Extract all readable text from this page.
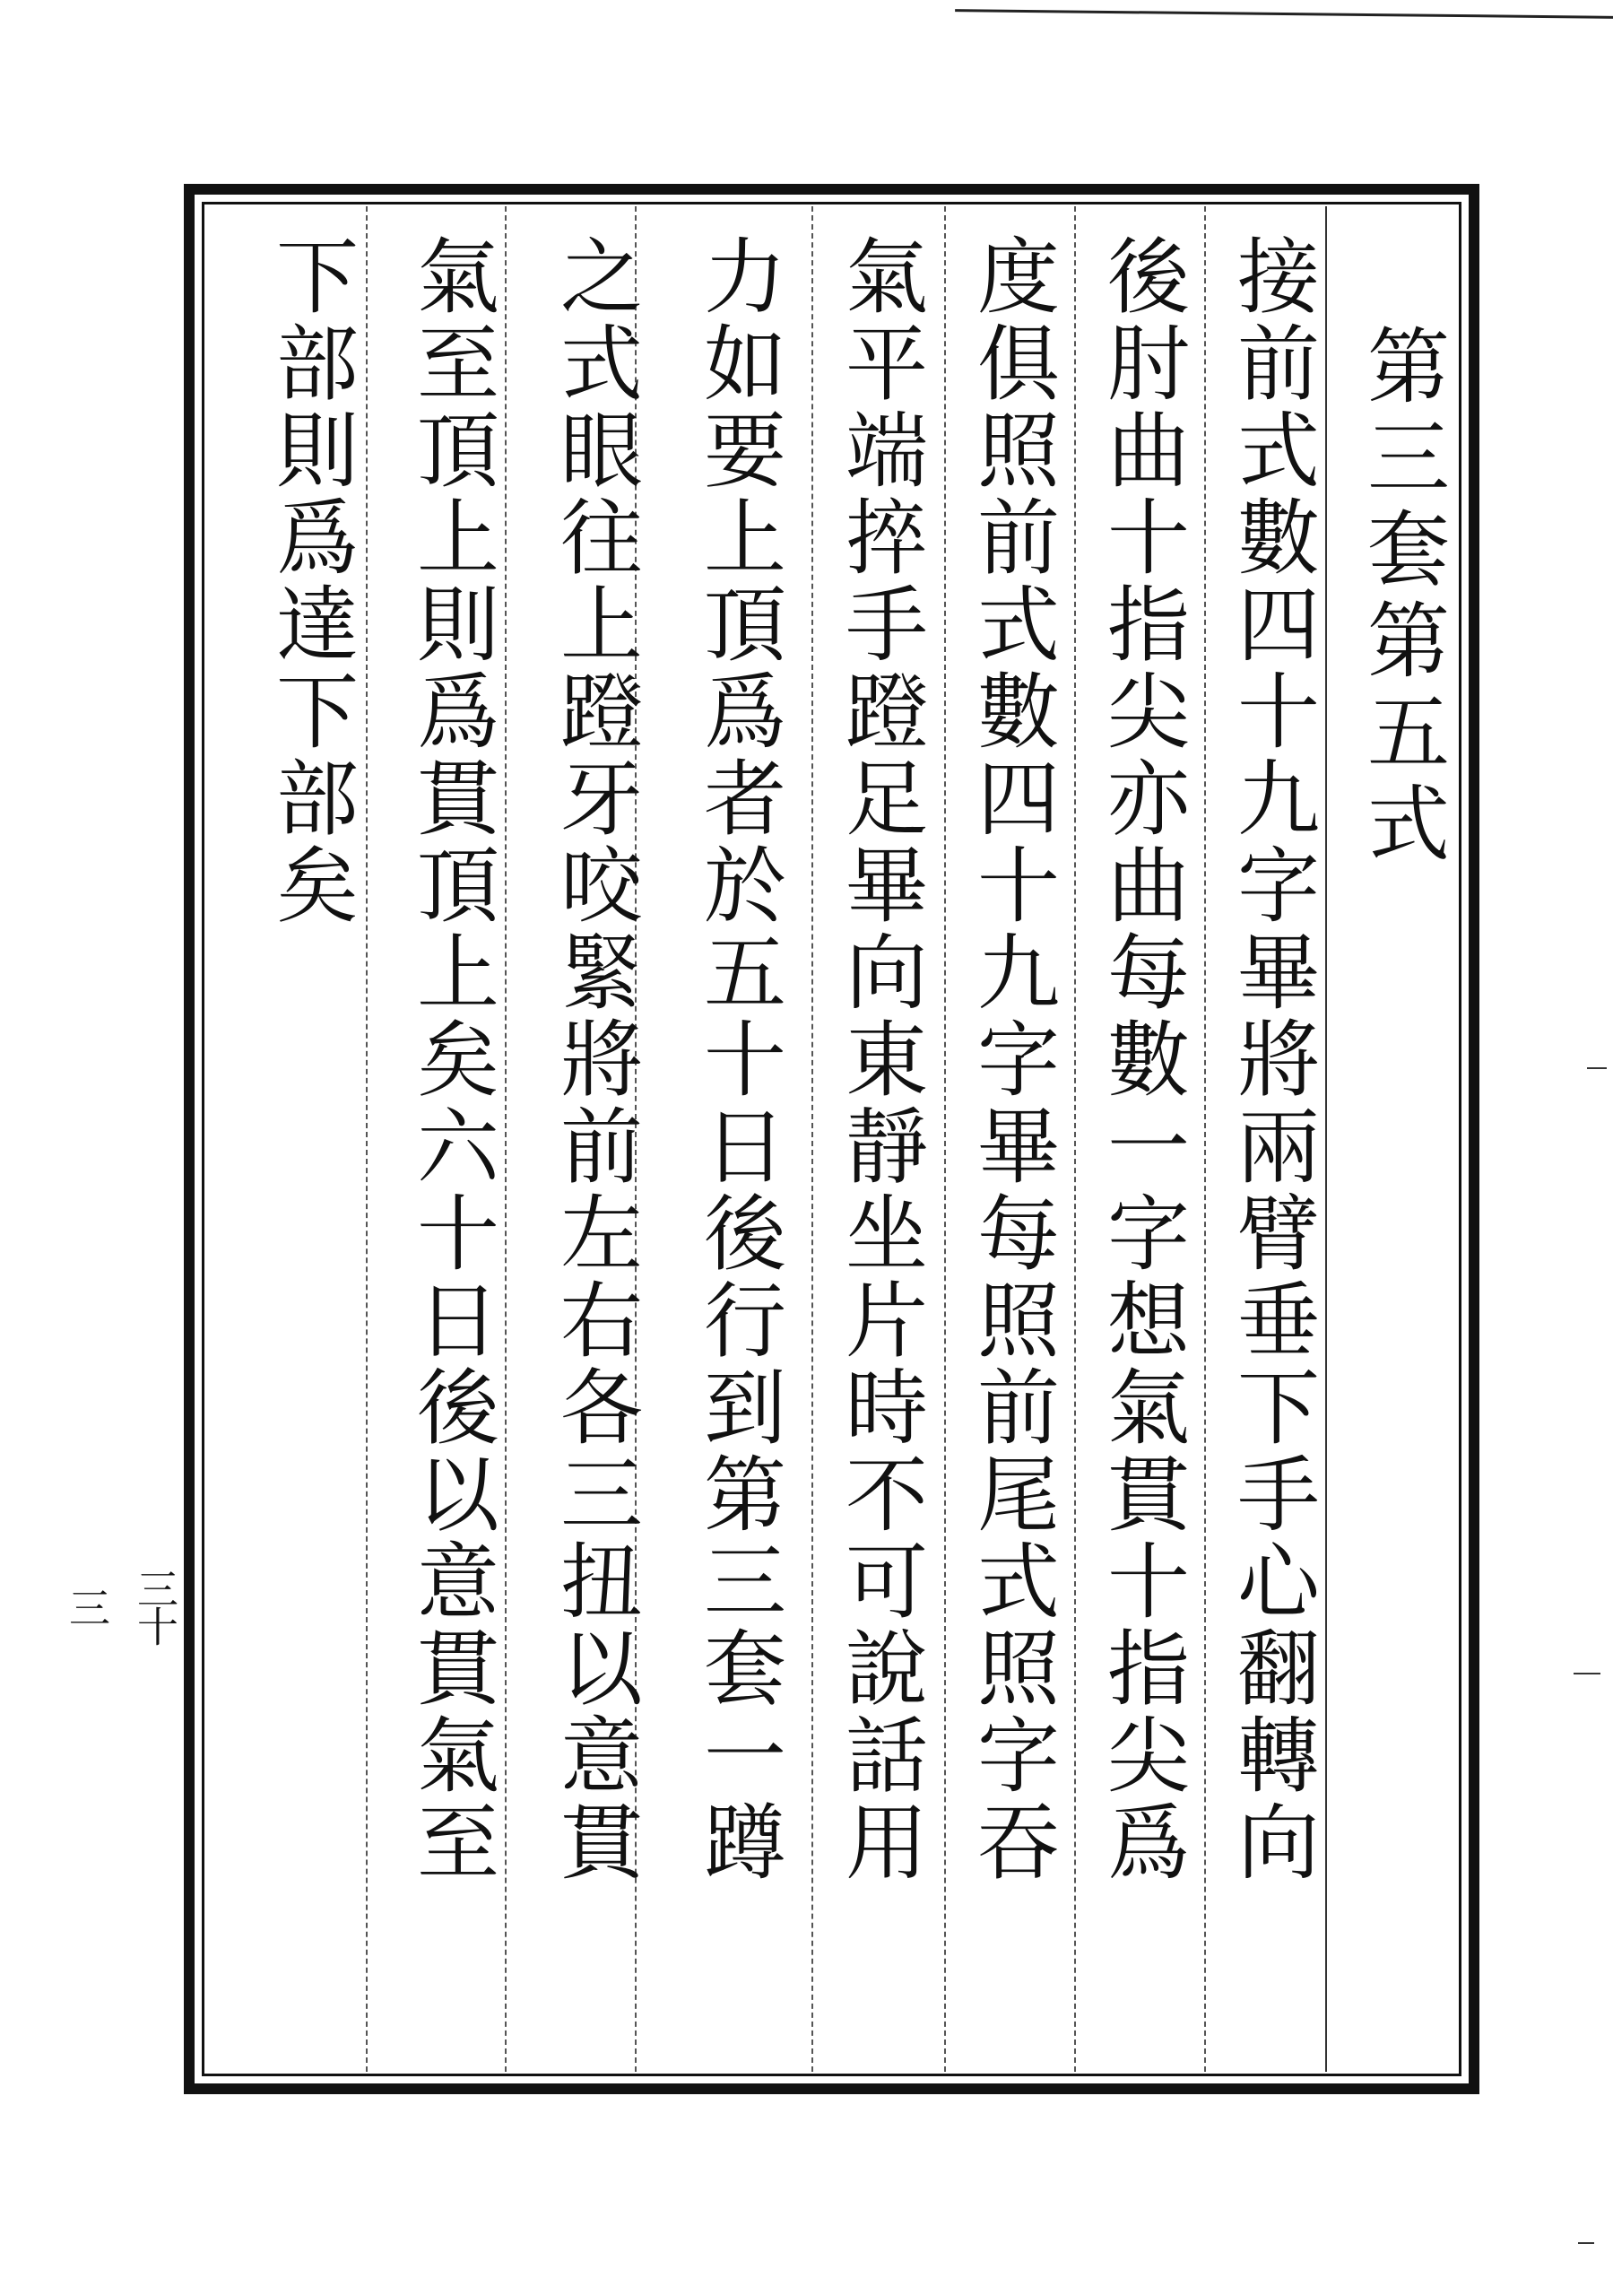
第三套第五式
接前式數四十九字畢將兩臂垂下手心翻轉向
後肘曲十指尖亦曲每數一字想氣貫十指尖爲
度俱照前式數四十九字畢每照前尾式照字吞
氣平端捽手蹬足畢向東靜坐片時不可說話用
力如要上頂爲者於五十日後行到第三套一蹲
之式眼往上蹬牙咬緊將前左右各三扭以意貫
氣至頂上則爲貫頂上矣六十日後以意貫氣至
下部則爲達下部矣
三十三
